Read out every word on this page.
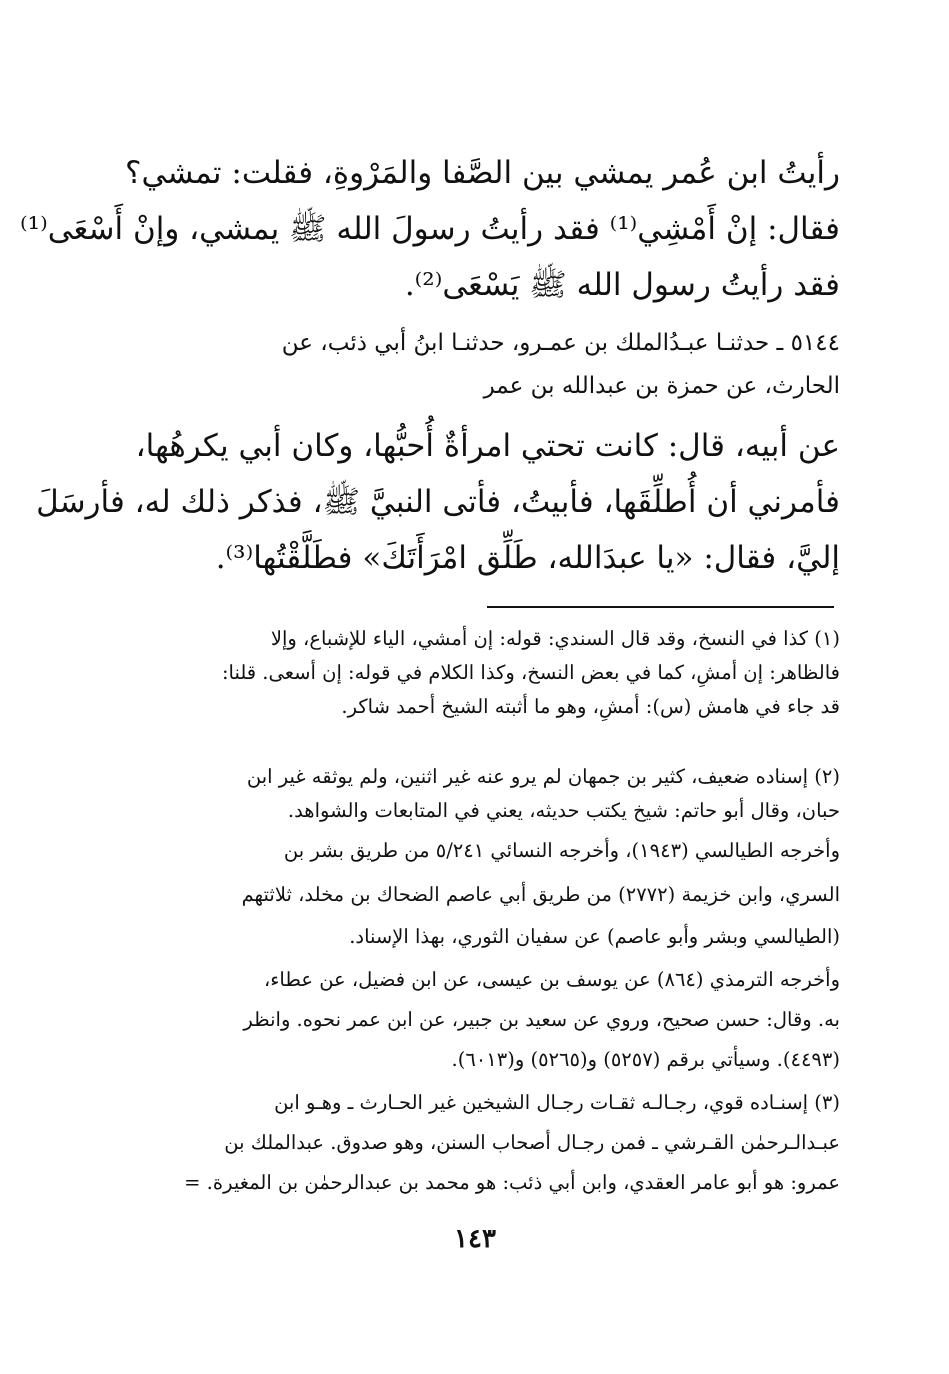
رأيتُ ابن عُمر يمشي بين الصَّفا والمَرْوةِ، فقلت: تمشي؟
فقال: إنْ أَمْشِي⁽¹⁾ فقد رأيتُ رسولَ الله ﷺ يمشي، وإنْ أَسْعَى⁽¹⁾
فقد رأيتُ رسول الله ﷺ يَسْعَى⁽²⁾.
٥١٤٤ ـ حدثنـا عبـدُالملك بن عمـرو، حدثنـا ابنُ أبي ذئب، عن
الحارث، عن حمزة بن عبدالله بن عمر
عن أبيه، قال: كانت تحتي امرأةٌ أُحبُّها، وكان أبي يكرهُها،
فأمرني أن أُطلِّقَها، فأبيتُ، فأتى النبيَّ ﷺ، فذكر ذلك له، فأرسَلَ
إليَّ، فقال: «يا عبدَالله، طَلِّق امْرَأَتَكَ» فطَلَّقْتُها⁽³⁾.
(١) كذا في النسخ، وقد قال السندي: قوله: إن أمشي، الياء للإشباع، وإلا
فالظاهر: إن أمشِ، كما في بعض النسخ، وكذا الكلام في قوله: إن أسعى. قلنا:
قد جاء في هامش (س): أمشِ، وهو ما أثبته الشيخ أحمد شاكر.
(٢) إسناده ضعيف، كثير بن جمهان لم يرو عنه غير اثنين، ولم يوثقه غير ابن
حبان، وقال أبو حاتم: شيخ يكتب حديثه، يعني في المتابعات والشواهد.
وأخرجه الطيالسي (١٩٤٣)، وأخرجه النسائي ٥/٢٤١ من طريق بشر بن
السري، وابن خزيمة (٢٧٧٢) من طريق أبي عاصم الضحاك بن مخلد، ثلاثتهم
(الطيالسي وبشر وأبو عاصم) عن سفيان الثوري، بهذا الإسناد.
وأخرجه الترمذي (٨٦٤) عن يوسف بن عيسى، عن ابن فضيل، عن عطاء،
به. وقال: حسن صحيح، وروي عن سعيد بن جبير، عن ابن عمر نحوه. وانظر
(٤٤٩٣). وسيأتي برقم (٥٢٥٧) و(٥٢٦٥) و(٦٠١٣).
(٣) إسنـاده قوي، رجـالـه ثقـات رجـال الشيخين غير الحـارث ـ وهـو ابن
عبـدالـرحمٰن القـرشي ـ فمن رجـال أصحاب السنن، وهو صدوق. عبدالملك بن
عمرو: هو أبو عامر العقدي، وابن أبي ذئب: هو محمد بن عبدالرحمٰن بن المغيرة. =
١٤٣
